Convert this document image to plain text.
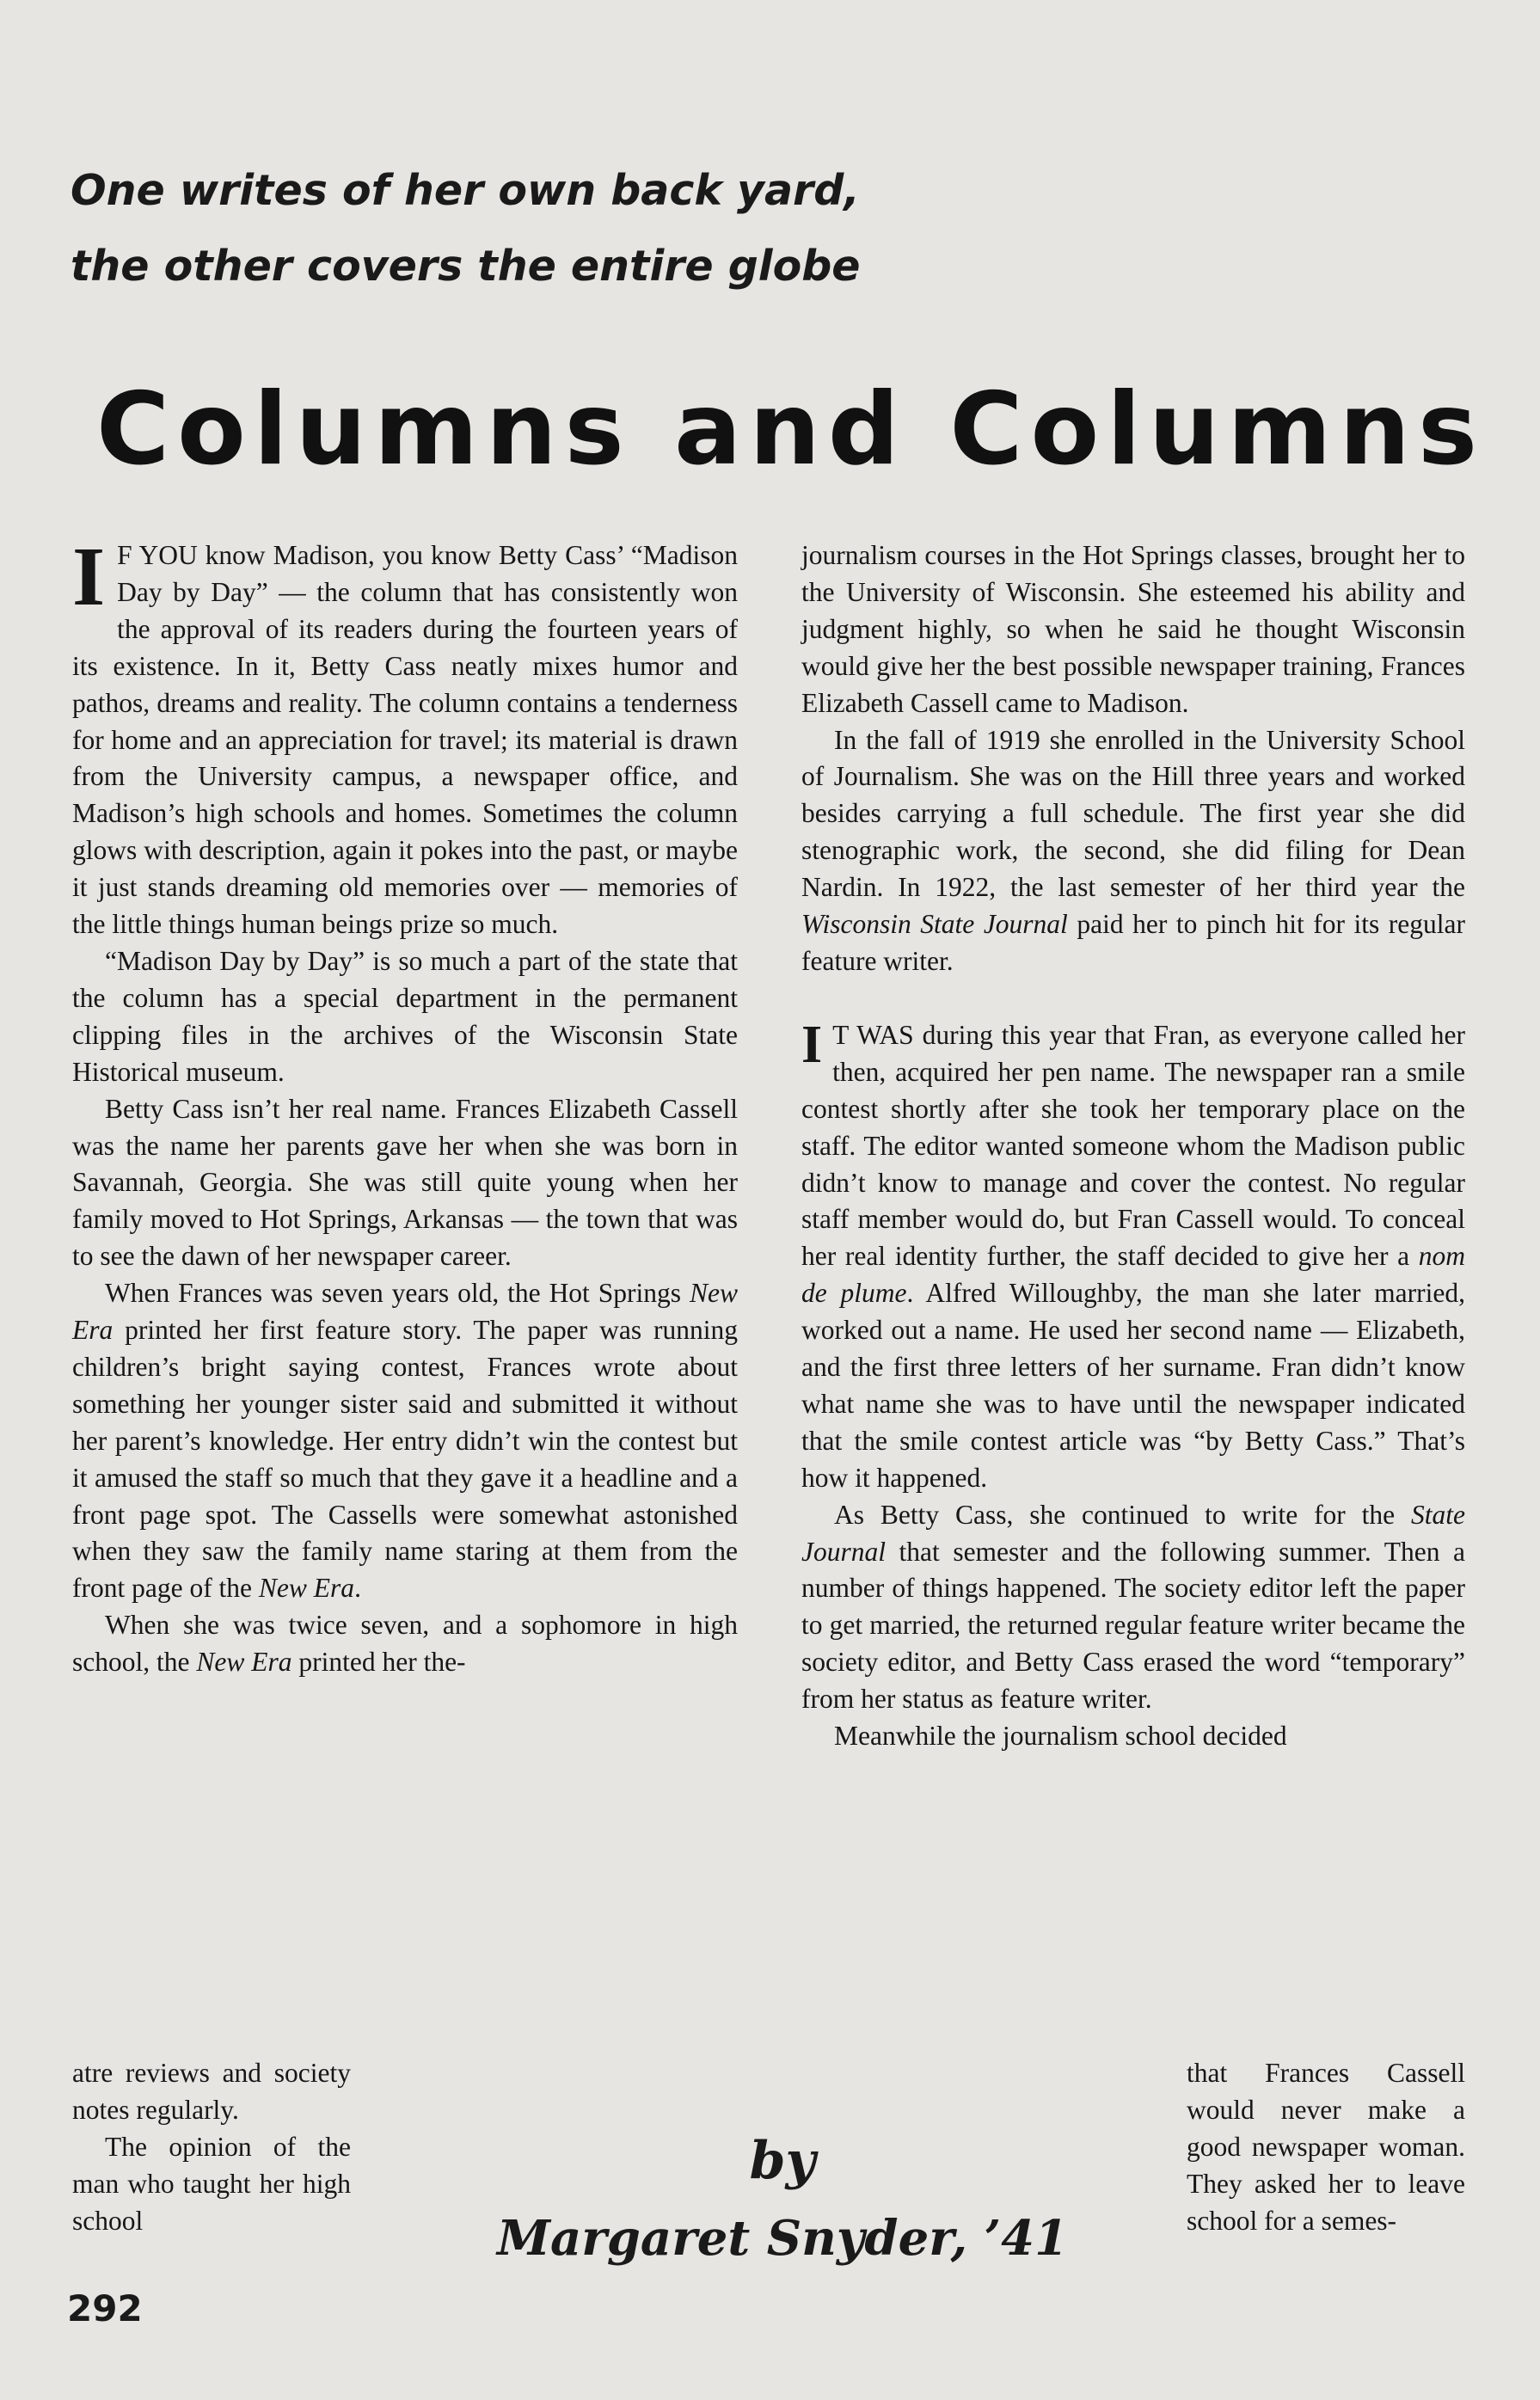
One writes of her own back yard,
the other covers the entire globe
Columns and Columns

I F YOU know Madison, you know Betty Cass’ “Madison Day by Day” — the column that has consistently won the approval of its readers during the fourteen years of its existence. In it, Betty Cass neatly mixes humor and pathos, dreams and reality. The column contains a tenderness for home and an appreciation for travel; its material is drawn from the University campus, a newspaper office, and Madison’s high schools and homes. Sometimes the column glows with description, again it pokes into the past, or maybe it just stands dreaming old memories over — memories of the little things human beings prize so much.

“Madison Day by Day” is so much a part of the state that the column has a special department in the permanent clipping files in the archives of the Wisconsin State Historical museum.

Betty Cass isn’t her real name. Frances Elizabeth Cassell was the name her parents gave her when she was born in Savannah, Georgia. She was still quite young when her family moved to Hot Springs, Arkansas — the town that was to see the dawn of her newspaper career.

When Frances was seven years old, the Hot Springs New Era printed her first feature story. The paper was running children’s bright saying contest, Frances wrote about something her younger sister said and submitted it without her parent’s knowledge. Her entry didn’t win the contest but it amused the staff so much that they gave it a headline and a front page spot. The Cassells were somewhat astonished when they saw the family name staring at them from the front page of the New Era.

When she was twice seven, and a sophomore in high school, the New Era printed her the-

atre reviews and society notes regularly.

The opinion of the man who taught her high school

journalism courses in the Hot Springs classes, brought her to the University of Wisconsin. She esteemed his ability and judgment highly, so when he said he thought Wisconsin would give her the best possible newspaper training, Frances Elizabeth Cassell came to Madison.

In the fall of 1919 she enrolled in the University School of Journalism. She was on the Hill three years and worked besides carrying a full schedule. The first year she did stenographic work, the second, she did filing for Dean Nardin. In 1922, the last semester of her third year the Wisconsin State Journal paid her to pinch hit for its regular feature writer.

I T WAS during this year that Fran, as everyone called her then, acquired her pen name. The newspaper ran a smile contest shortly after she took her temporary place on the staff. The editor wanted someone whom the Madison public didn’t know to manage and cover the contest. No regular staff member would do, but Fran Cassell would. To conceal her real identity further, the staff decided to give her a nom de plume. Alfred Willoughby, the man she later married, worked out a name. He used her second name — Elizabeth, and the first three letters of her surname. Fran didn’t know what name she was to have until the newspaper indicated that the smile contest article was “by Betty Cass.” That’s how it happened.

As Betty Cass, she continued to write for the State Journal that semester and the following summer. Then a number of things happened. The society editor left the paper to get married, the returned regular feature writer became the society editor, and Betty Cass erased the word “temporary” from her status as feature writer.

Meanwhile the journalism school decided

that Frances Cassell would never make a good newspaper woman. They asked her to leave school for a semes-

by
Margaret Snyder, ’41
292
